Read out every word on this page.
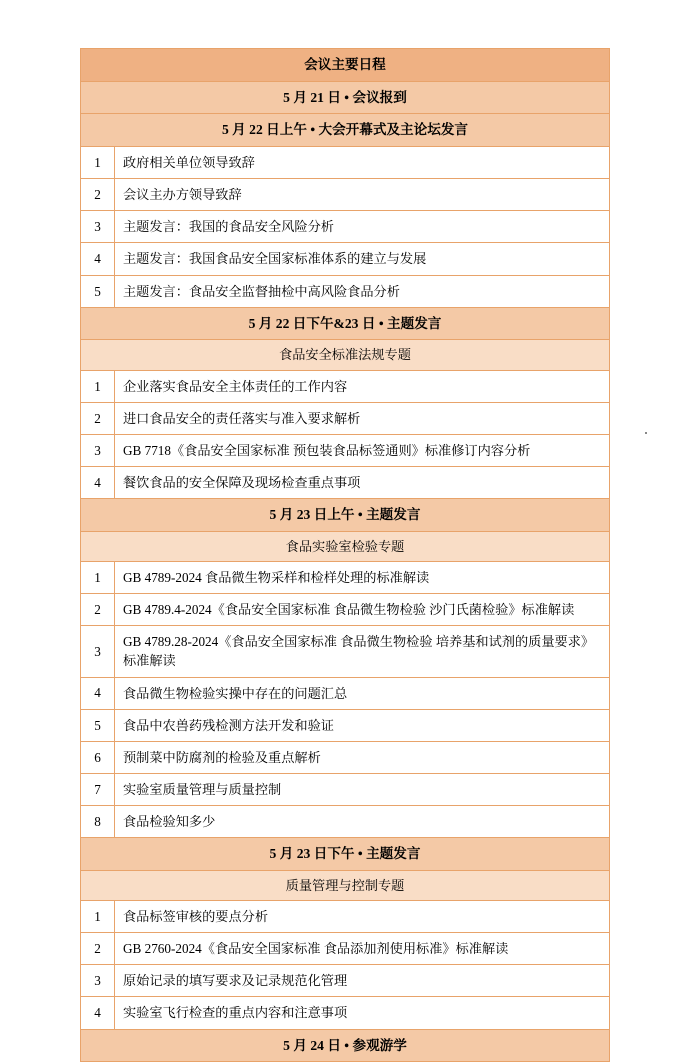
会议主要日程	

5 月 21 日 • 会议报到	

5 月 22 日上午 • 大会开幕式及主论坛发言	

1	政府相关单位领导致辞

2	会议主办方领导致辞

3	主题发言：我国的食品安全风险分析

4	主题发言：我国食品安全国家标准体系的建立与发展

5	主题发言：食品安全监督抽检中高风险食品分析

5 月 22 日下午&23 日 • 主题发言	

食品安全标准法规专题	

1	企业落实食品安全主体责任的工作内容

2	进口食品安全的责任落实与准入要求解析

3	GB 7718《食品安全国家标准 预包装食品标签通则》标准修订内容分析

4	餐饮食品的安全保障及现场检查重点事项

5 月 23 日上午 • 主题发言	

食品实验室检验专题	

1	GB 4789-2024 食品微生物采样和检样处理的标准解读

2	GB 4789.4-2024《食品安全国家标准 食品微生物检验 沙门氏菌检验》标准解读

3	GB 4789.28-2024《食品安全国家标准 食品微生物检验 培养基和试剂的质量要求》标准解读

4	食品微生物检验实操中存在的问题汇总

5	食品中农兽药残检测方法开发和验证

6	预制菜中防腐剂的检验及重点解析

7	实验室质量管理与质量控制

8	食品检验知多少

5 月 23 日下午 • 主题发言	

质量管理与控制专题	

1	食品标签审核的要点分析

2	GB 2760-2024《食品安全国家标准 食品添加剂使用标准》标准解读

3	原始记录的填写要求及记录规范化管理

4	实验室飞行检查的重点内容和注意事项

5 月 24 日 • 参观游学	
